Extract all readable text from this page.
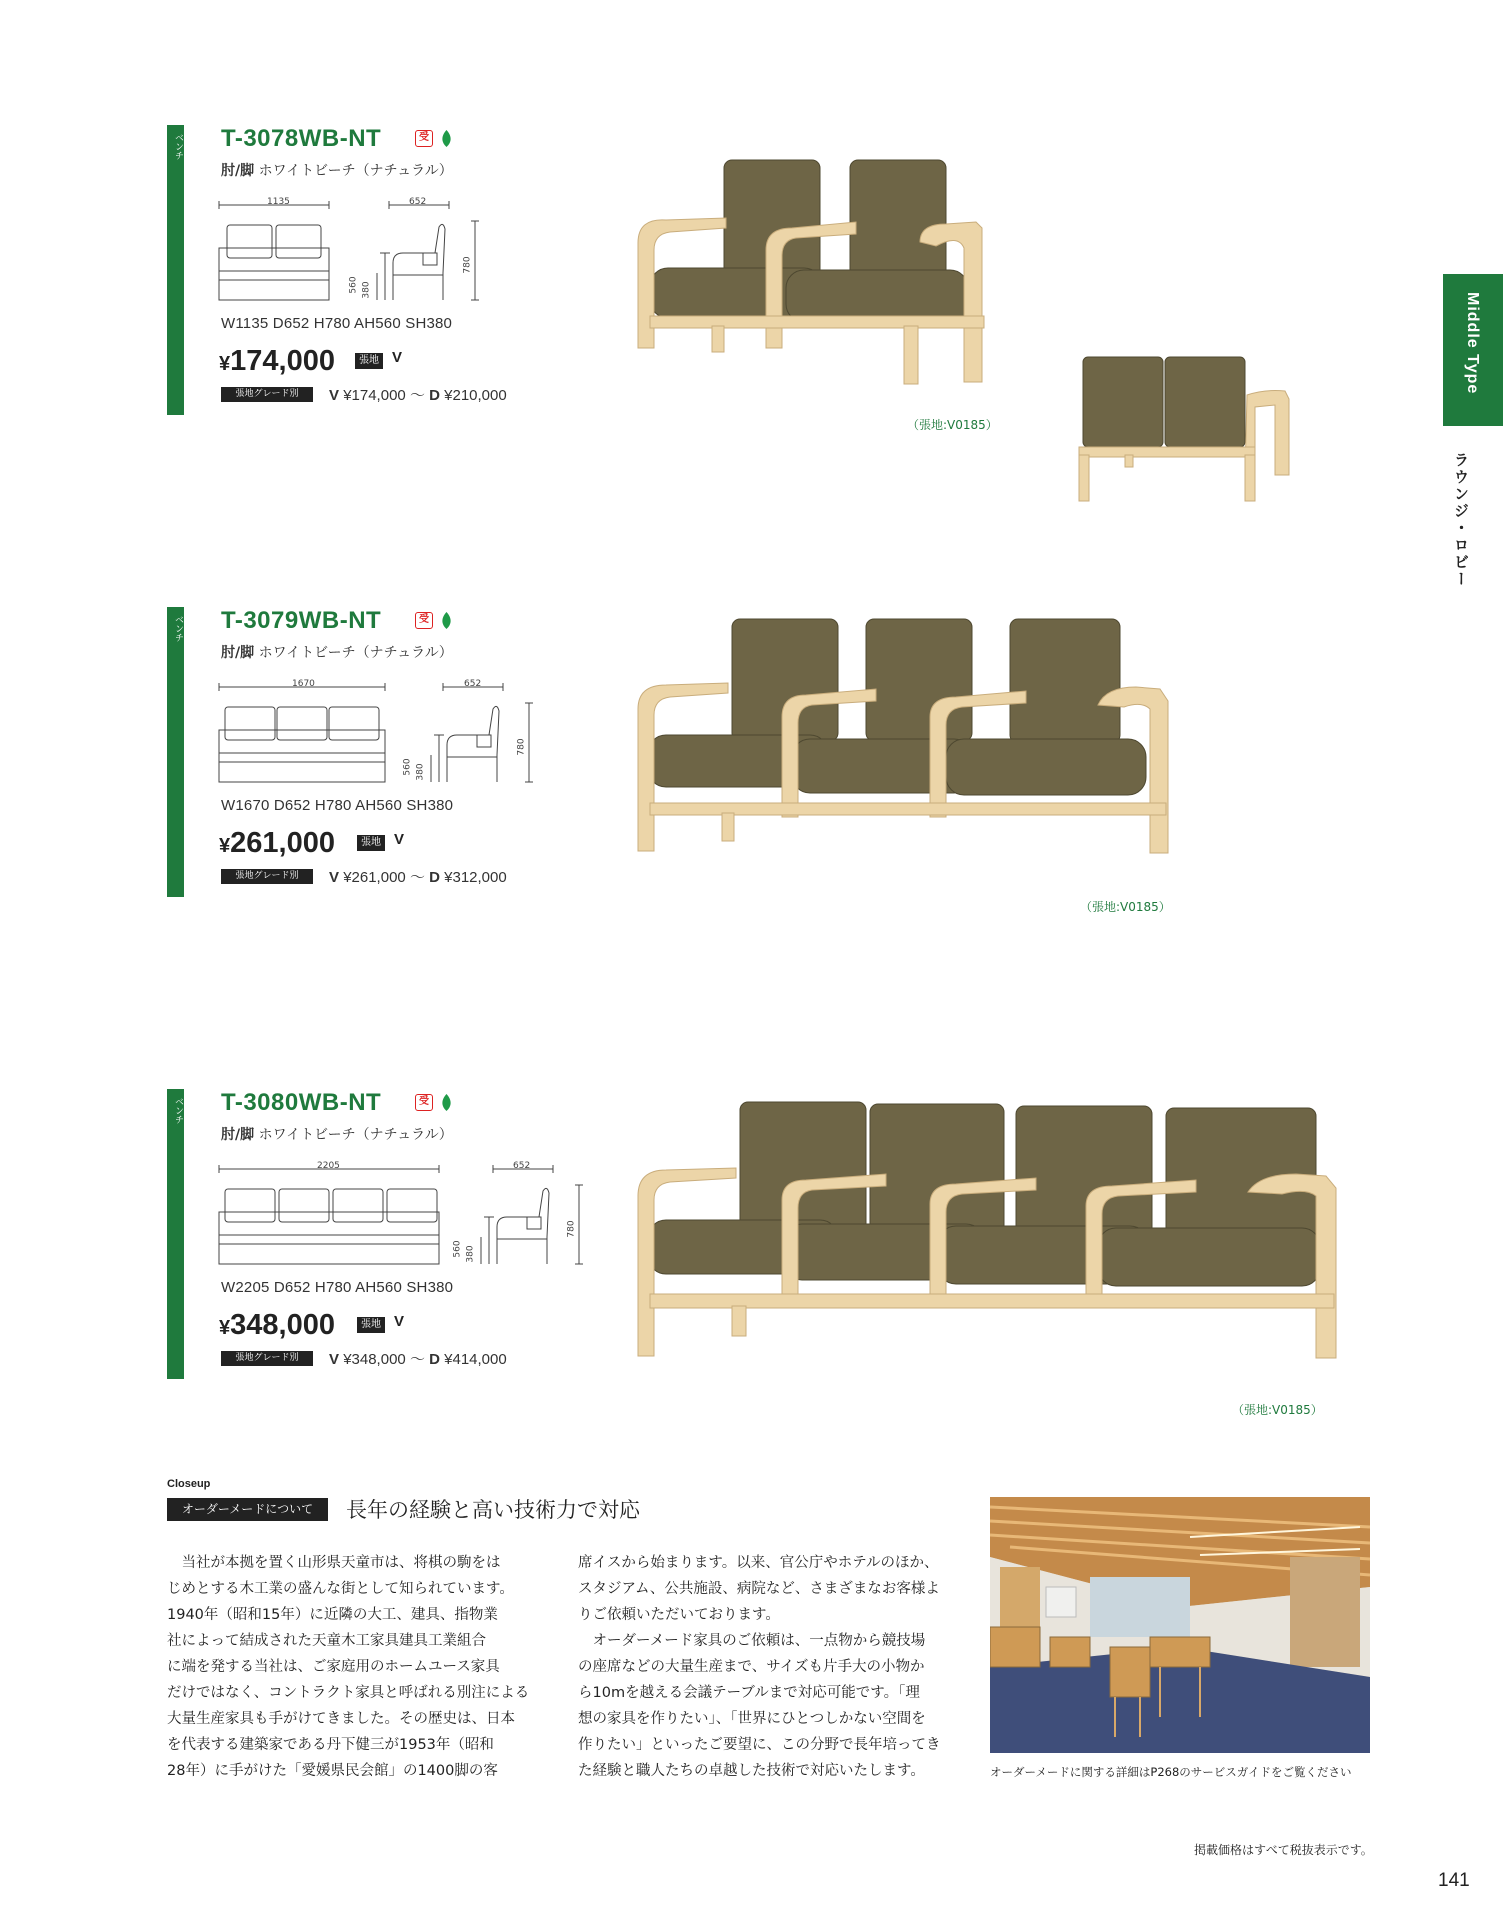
ベンチ T-3078WB-NT	受
肘/脚 ホワイトビーチ（ナチュラル）
1135	652
560 380
780
W1135 D652 H780 AH560 SH380
¥174,000	張地 V
張地グレード別	V ¥174,000 ～ D ¥210,000
（張地:V0185）
ベンチ T-3079WB-NT	受
肘/脚 ホワイトビーチ（ナチュラル）
1670	652
560 380
780
W1670 D652 H780 AH560 SH380
¥261,000	張地 V
張地グレード別	V ¥261,000 ～ D ¥312,000
（張地:V0185）
ベンチ T-3080WB-NT	受
肘/脚 ホワイトビーチ（ナチュラル）
2205	652
560 380
780
W2205 D652 H780 AH560 SH380
¥348,000	張地 V
張地グレード別	V ¥348,000 ～ D ¥414,000
（張地:V0185）
Middle Type
ラウンジ・ロビー
Closeup
オーダーメードについて	長年の経験と高い技術力で対応
　当社が本拠を置く山形県天童市は、将棋の駒をは
じめとする木工業の盛んな街として知られています。
1940年（昭和15年）に近隣の大工、建具、指物業
社によって結成された天童木工家具建具工業組合
に端を発する当社は、ご家庭用のホームユース家具
だけではなく、コントラクト家具と呼ばれる別注による
大量生産家具も手がけてきました。その歴史は、日本
を代表する建築家である丹下健三が1953年（昭和
28年）に手がけた「愛媛県民会館」の1400脚の客
席イスから始まります。以来、官公庁やホテルのほか、
スタジアム、公共施設、病院など、さまざまなお客様よ
りご依頼いただいております。
　オーダーメード家具のご依頼は、一点物から競技場
の座席などの大量生産まで、サイズも片手大の小物か
ら10mを越える会議テーブルまで対応可能です。「理
想の家具を作りたい」、「世界にひとつしかない空間を
作りたい」といったご要望に、この分野で長年培ってき
た経験と職人たちの卓越した技術で対応いたします。	オーダーメードに関する詳細はP268のサービスガイドをご覧ください
掲載価格はすべて税抜表示です。
141
